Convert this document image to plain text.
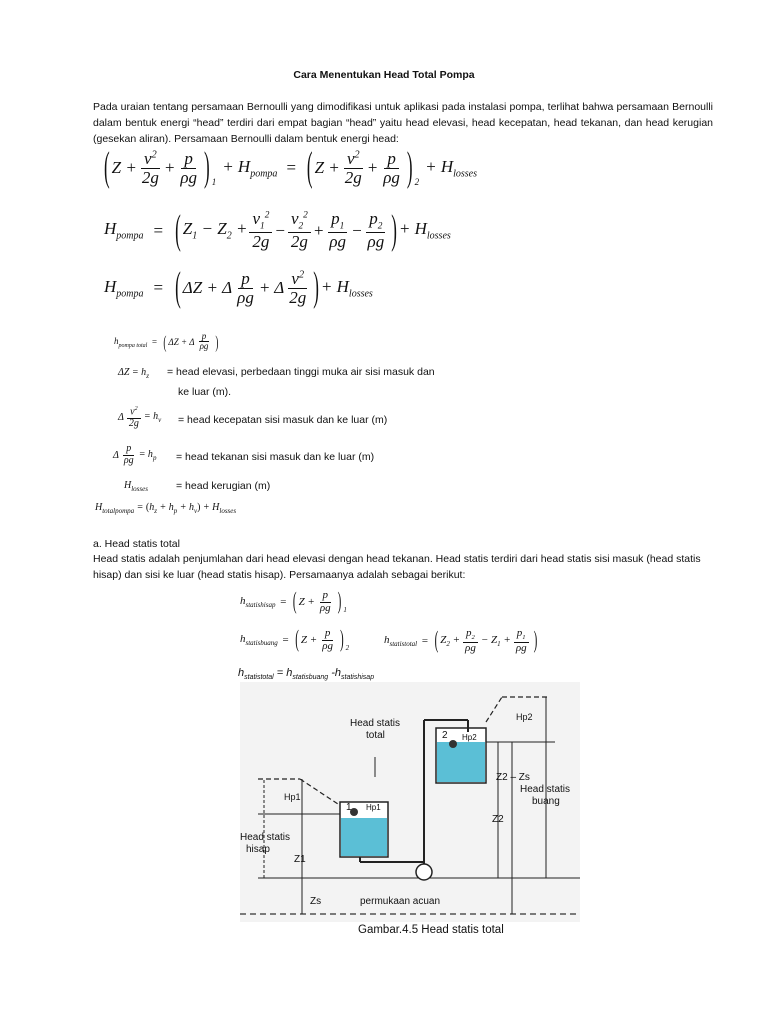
Cara Menentukan Head Total Pompa
Pada uraian tentang persamaan Bernoulli yang dimodifikasi untuk aplikasi pada instalasi pompa, terlihat bahwa persamaan Bernoulli dalam bentuk energi “head” terdiri dari empat bagian “head” yaitu head elevasi, head kecepatan, head tekanan, dan head kerugian (gesekan aliran). Persamaan Bernoulli dalam bentuk energi head:
( $Z + \frac{v^2}{2g} + \frac{p}{\rho g} )_1$
+ $H_{pompa}$ = ( $Z + \frac{v^2}{2g} + \frac{p}{\rho g} )_2$
+ $H_{losses}$
$H_{pompa}$ = ( $Z_1 - Z_2 + \frac{v_1^2}{2g} - \frac{v_2^2}{2g} + \frac{p_1}{\rho g} - \frac{p_2}{\rho g}$ ) + $H_{losses}$
$H_{pompa}$ = ( ΔZ + Δ $\frac{p}{\rho g} + \Delta \frac{v^2}{2g}$ ) + $H_{losses}$
$h_{pompa total}$ = ( ΔZ + Δ $\frac{p}{\rho g}$ )
$\Delta Z = h_z$ = head elevasi, perbedaan tinggi muka air sisi masuk dan
ke luar (m).
Δ $\frac{v^2}{2g} = h_v$ = head kecepatan sisi masuk dan ke luar (m)
Δ $\frac{p}{\rho g} = h_p$ = head tekanan sisi masuk dan ke luar (m)
$H_{losses}$	= head kerugian (m)
$H_{totalpompa} = (h_z + h_p + h_v) + H_{losses}$
a. Head statis total
Head statis adalah penjumlahan dari head elevasi dengan head tekanan. Head statis terdiri dari head statis sisi masuk (head statis hisap) dan sisi ke luar (head statis hisap). Persamaanya adalah sebagai berikut:
$h_{statishisap}$ = ( $Z + \frac{p}{\rho g}$ ) $_1$
$h_{statisbuang}$ = ( $Z + \frac{p}{\rho g}$ ) $_2$
$h_{statistotal}$ = ( $Z_2 + \frac{p_2}{\rho g} - Z_1 + \frac{p_1}{\rho g}$ )
$h_{statistotal} = h_{statisbuang}$ $-h_{statishisap}$
Head statis
total
Head statis
hisap
Head statis
buang
Hp1
Hp2
Z1
Z2
Zs
Z2 – Zs
1 Hp1
2 Hp2
permukaan acuan
Gambar.4.5 Head statis total
